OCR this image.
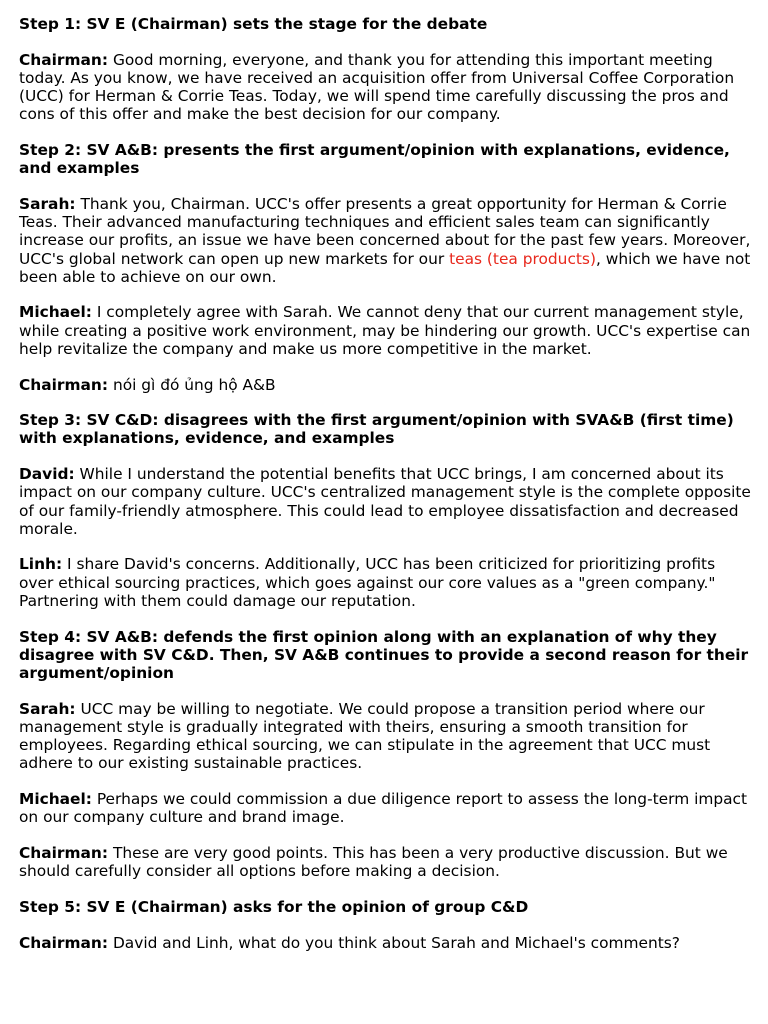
Step 1: SV E (Chairman) sets the stage for the debate
Chairman: Good morning, everyone, and thank you for attending this important meeting today. As you know, we have received an acquisition offer from Universal Coffee Corporation (UCC) for Herman & Corrie Teas. Today, we will spend time carefully discussing the pros and cons of this offer and make the best decision for our company.
Step 2: SV A&B: presents the first argument/opinion with explanations, evidence, and examples
Sarah: Thank you, Chairman. UCC's offer presents a great opportunity for Herman & Corrie Teas. Their advanced manufacturing techniques and efficient sales team can significantly increase our profits, an issue we have been concerned about for the past few years. Moreover, UCC's global network can open up new markets for our teas (tea products), which we have not been able to achieve on our own.
Michael: I completely agree with Sarah. We cannot deny that our current management style, while creating a positive work environment, may be hindering our growth. UCC's expertise can help revitalize the company and make us more competitive in the market.
Chairman: nói gì đó ủng hộ A&B
Step 3: SV C&D: disagrees with the first argument/opinion with SVA&B (first time) with explanations, evidence, and examples
David: While I understand the potential benefits that UCC brings, I am concerned about its impact on our company culture. UCC's centralized management style is the complete opposite of our family-friendly atmosphere. This could lead to employee dissatisfaction and decreased morale.
Linh: I share David's concerns. Additionally, UCC has been criticized for prioritizing profits over ethical sourcing practices, which goes against our core values as a "green company." Partnering with them could damage our reputation.
Step 4: SV A&B: defends the first opinion along with an explanation of why they disagree with SV C&D. Then, SV A&B continues to provide a second reason for their argument/opinion
Sarah: UCC may be willing to negotiate. We could propose a transition period where our management style is gradually integrated with theirs, ensuring a smooth transition for employees. Regarding ethical sourcing, we can stipulate in the agreement that UCC must adhere to our existing sustainable practices.
Michael: Perhaps we could commission a due diligence report to assess the long-term impact on our company culture and brand image.
Chairman: These are very good points. This has been a very productive discussion. But we should carefully consider all options before making a decision.
Step 5: SV E (Chairman) asks for the opinion of group C&D
Chairman: David and Linh, what do you think about Sarah and Michael's comments?
